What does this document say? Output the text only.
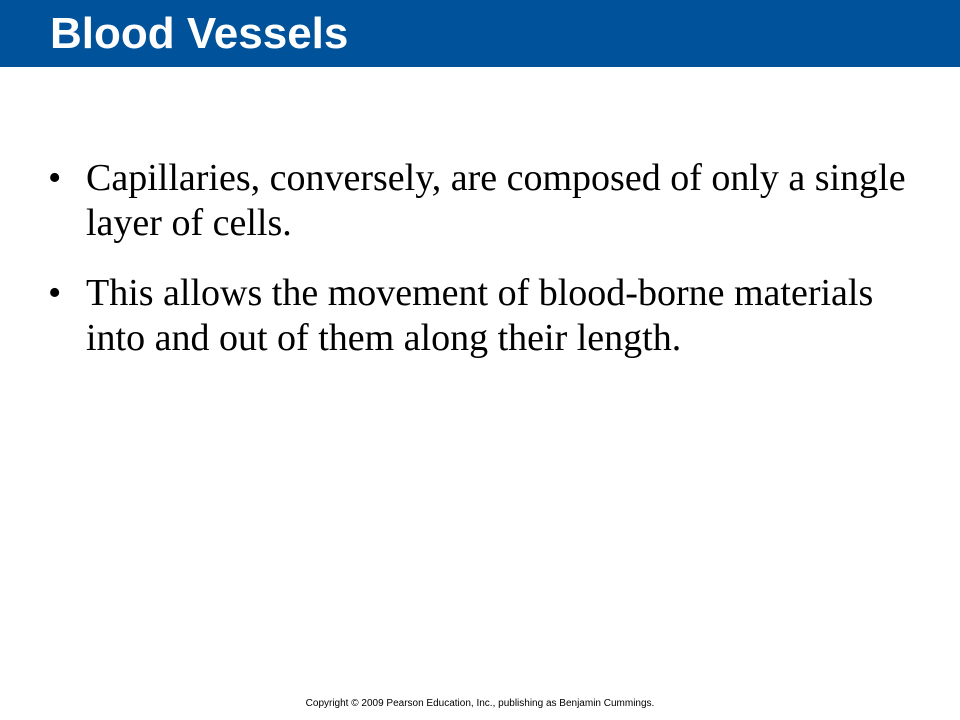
Blood Vessels
• Capillaries, conversely, are composed of only a single layer of cells.
• This allows the movement of blood-borne materials into and out of them along their length.
Copyright © 2009 Pearson Education, Inc., publishing as Benjamin Cummings.
